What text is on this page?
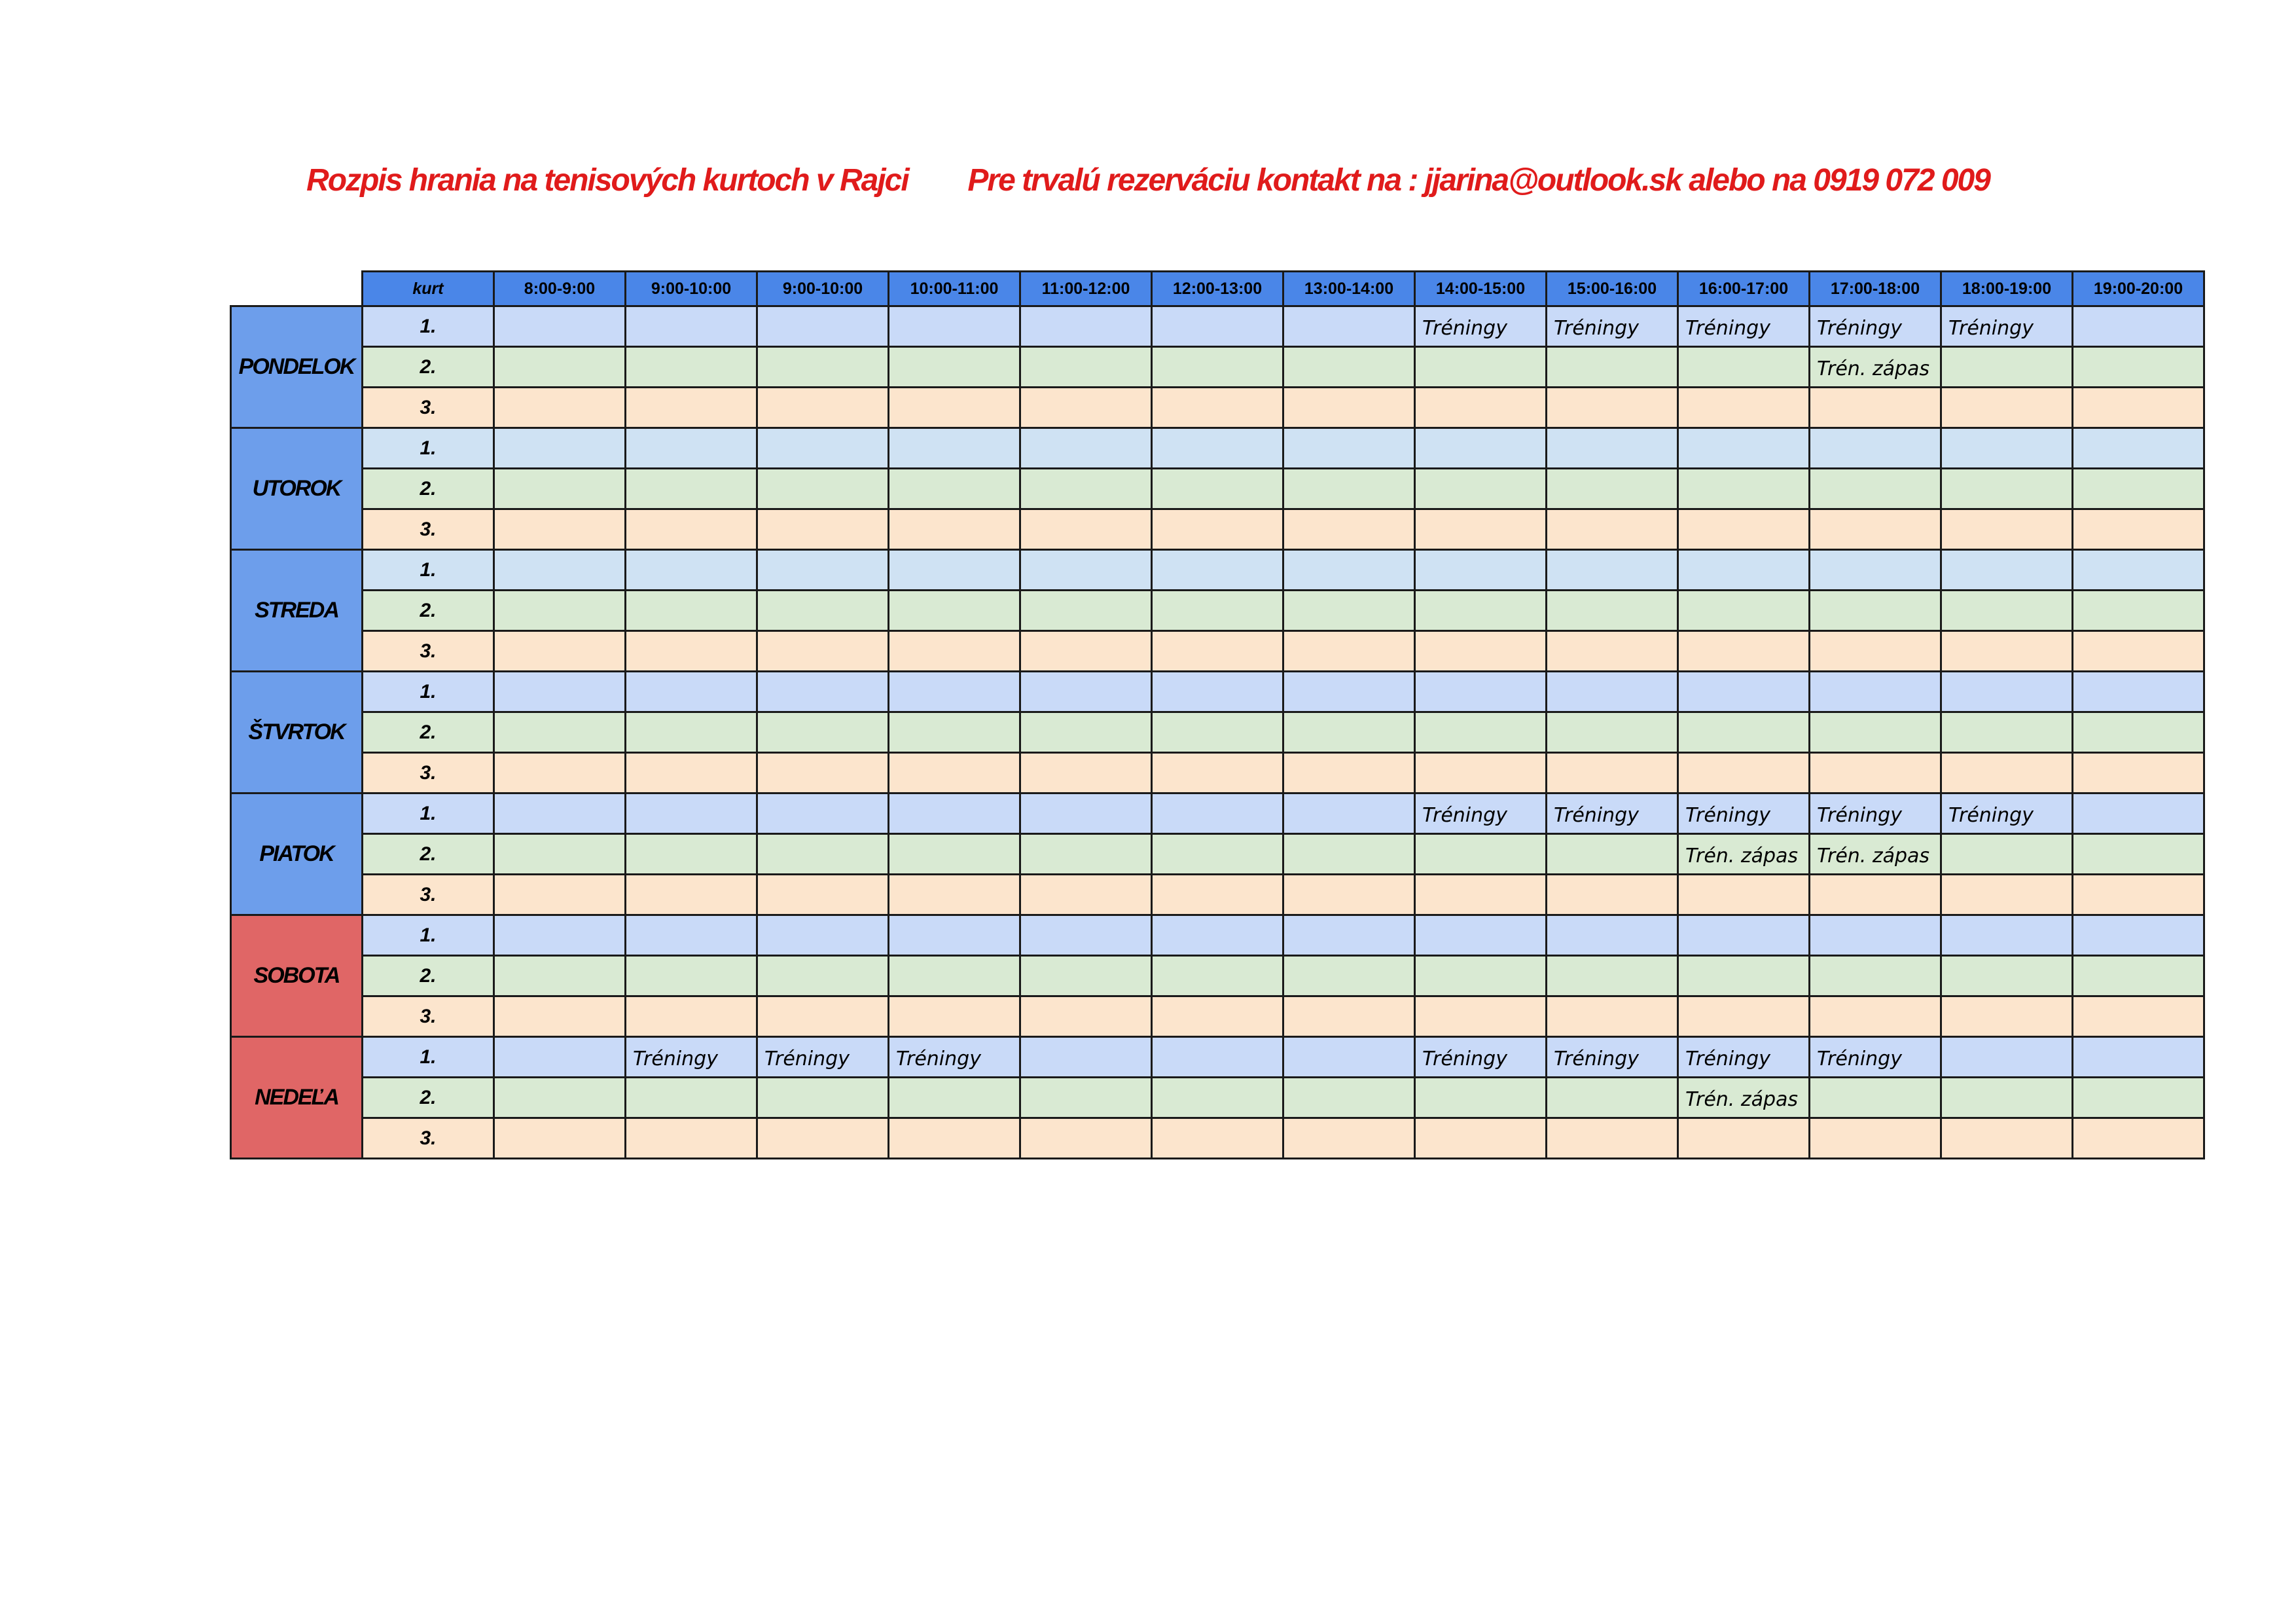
Rozpis hrania na tenisových kurtoch v Rajci        Pre trvalú rezerváciu kontakt na : jjarina@outlook.sk alebo na 0919 072 009
	kurt	8:00-9:00	9:00-10:00	9:00-10:00	10:00-11:00	11:00-12:00	12:00-13:00	13:00-14:00	14:00-15:00	15:00-16:00	16:00-17:00	17:00-18:00	18:00-19:00	19:00-20:00
PONDELOK	1.								Tréningy	Tréningy	Tréningy	Tréningy	Tréningy	
	2.											Trén. zápas		
	3.													
UTOROK	1.													
	2.													
	3.													
STREDA	1.													
	2.													
	3.													
ŠTVRTOK	1.													
	2.													
	3.													
PIATOK	1.								Tréningy	Tréningy	Tréningy	Tréningy	Tréningy	
	2.										Trén. zápas	Trén. zápas		
	3.													
SOBOTA	1.													
	2.													
	3.													
NEDEĽA	1.		Tréningy	Tréningy	Tréningy				Tréningy	Tréningy	Tréningy	Tréningy		
	2.										Trén. zápas			
	3.													
